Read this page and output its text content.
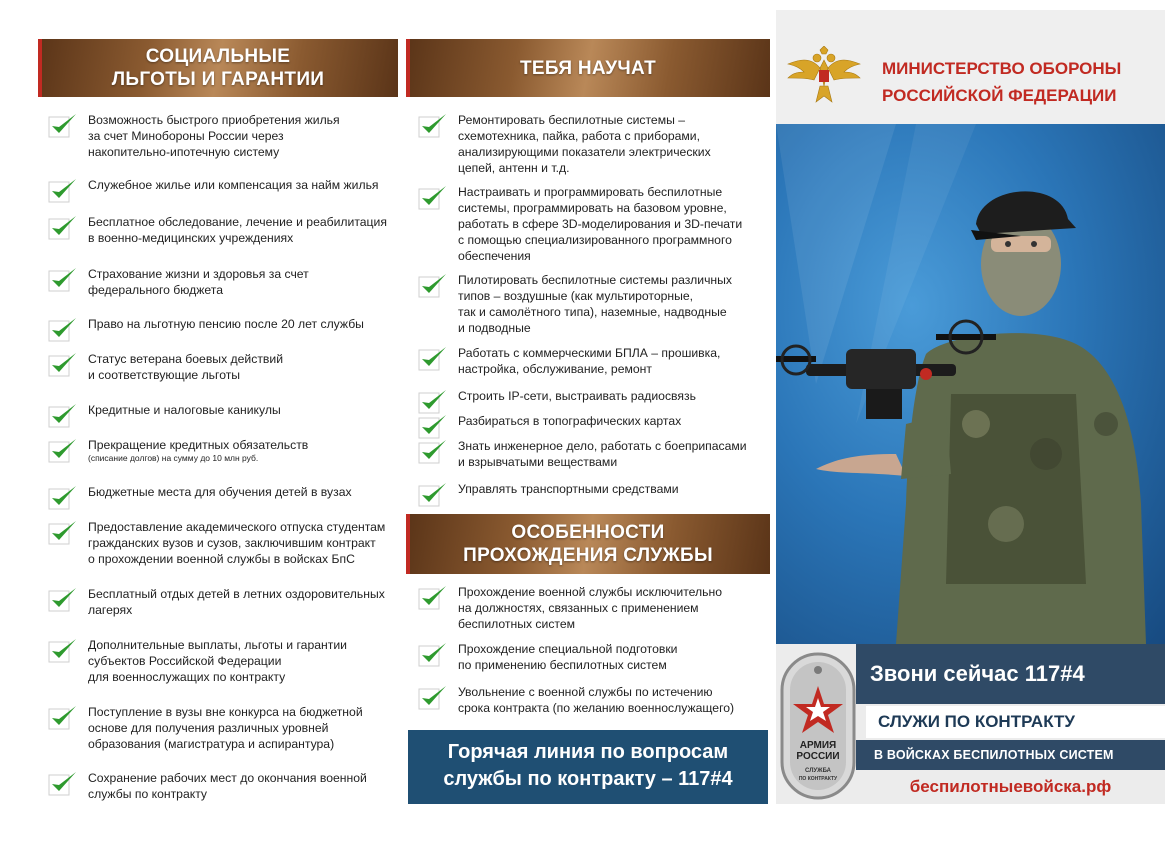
СОЦИАЛЬНЫЕ
ЛЬГОТЫ И ГАРАНТИИ
Возможность быстрого приобретения жилья
за счет Минобороны России через
накопительно-ипотечную систему
Служебное жилье или компенсация за найм жилья
Бесплатное обследование, лечение и реабилитация
в военно-медицинских учреждениях
Страхование жизни и здоровья за счет
федерального бюджета
Право на льготную пенсию после 20 лет службы
Статус ветерана боевых действий
и соответствующие льготы
Кредитные и налоговые каникулы
Прекращение кредитных обязательств
(списание долгов) на сумму до 10 млн руб.
Бюджетные места для обучения детей в вузах
Предоставление академического отпуска студентам
гражданских вузов и сузов, заключившим контракт
о прохождении военной службы в войсках БпС
Бесплатный отдых детей в летних оздоровительных
лагерях
Дополнительные выплаты, льготы и гарантии
субъектов Российской Федерации
для военнослужащих по контракту
Поступление в вузы вне конкурса на бюджетной
основе для получения различных уровней
образования (магистратура и аспирантура)
Сохранение рабочих мест до окончания военной
службы по контракту
ТЕБЯ НАУЧАТ
Ремонтировать беспилотные системы –
схемотехника, пайка, работа с приборами,
анализирующими показатели электрических
цепей, антенн и т.д.
Настраивать и программировать беспилотные
системы, программировать на базовом уровне,
работать в сфере 3D-моделирования и 3D-печати
с помощью специализированного программного
обеспечения
Пилотировать беспилотные системы различных
типов – воздушные (как мультироторные,
так и самолётного типа), наземные, надводные
и подводные
Работать с коммерческими БПЛА – прошивка,
настройка, обслуживание, ремонт
Строить IP-сети, выстраивать радиосвязь
Разбираться в топографических картах
Знать инженерное дело, работать с боеприпасами
и взрывчатыми веществами
Управлять транспортными средствами
ОСОБЕННОСТИ
ПРОХОЖДЕНИЯ СЛУЖБЫ
Прохождение военной службы исключительно
на должностях, связанных с применением
беспилотных систем
Прохождение специальной подготовки
по применению беспилотных систем
Увольнение с военной службы по истечению
срока контракта (по желанию военнослужащего)
Горячая линия по вопросам
службы по контракту – 117#4
МИНИСТЕРСТВО ОБОРОНЫ
РОССИЙСКОЙ ФЕДЕРАЦИИ
АРМИЯ
РОССИИ
СЛУЖБА
ПО КОНТРАКТУ
Звони сейчас 117#4
СЛУЖИ ПО КОНТРАКТУ
В ВОЙСКАХ БЕСПИЛОТНЫХ СИСТЕМ
беспилотныевойска.рф
